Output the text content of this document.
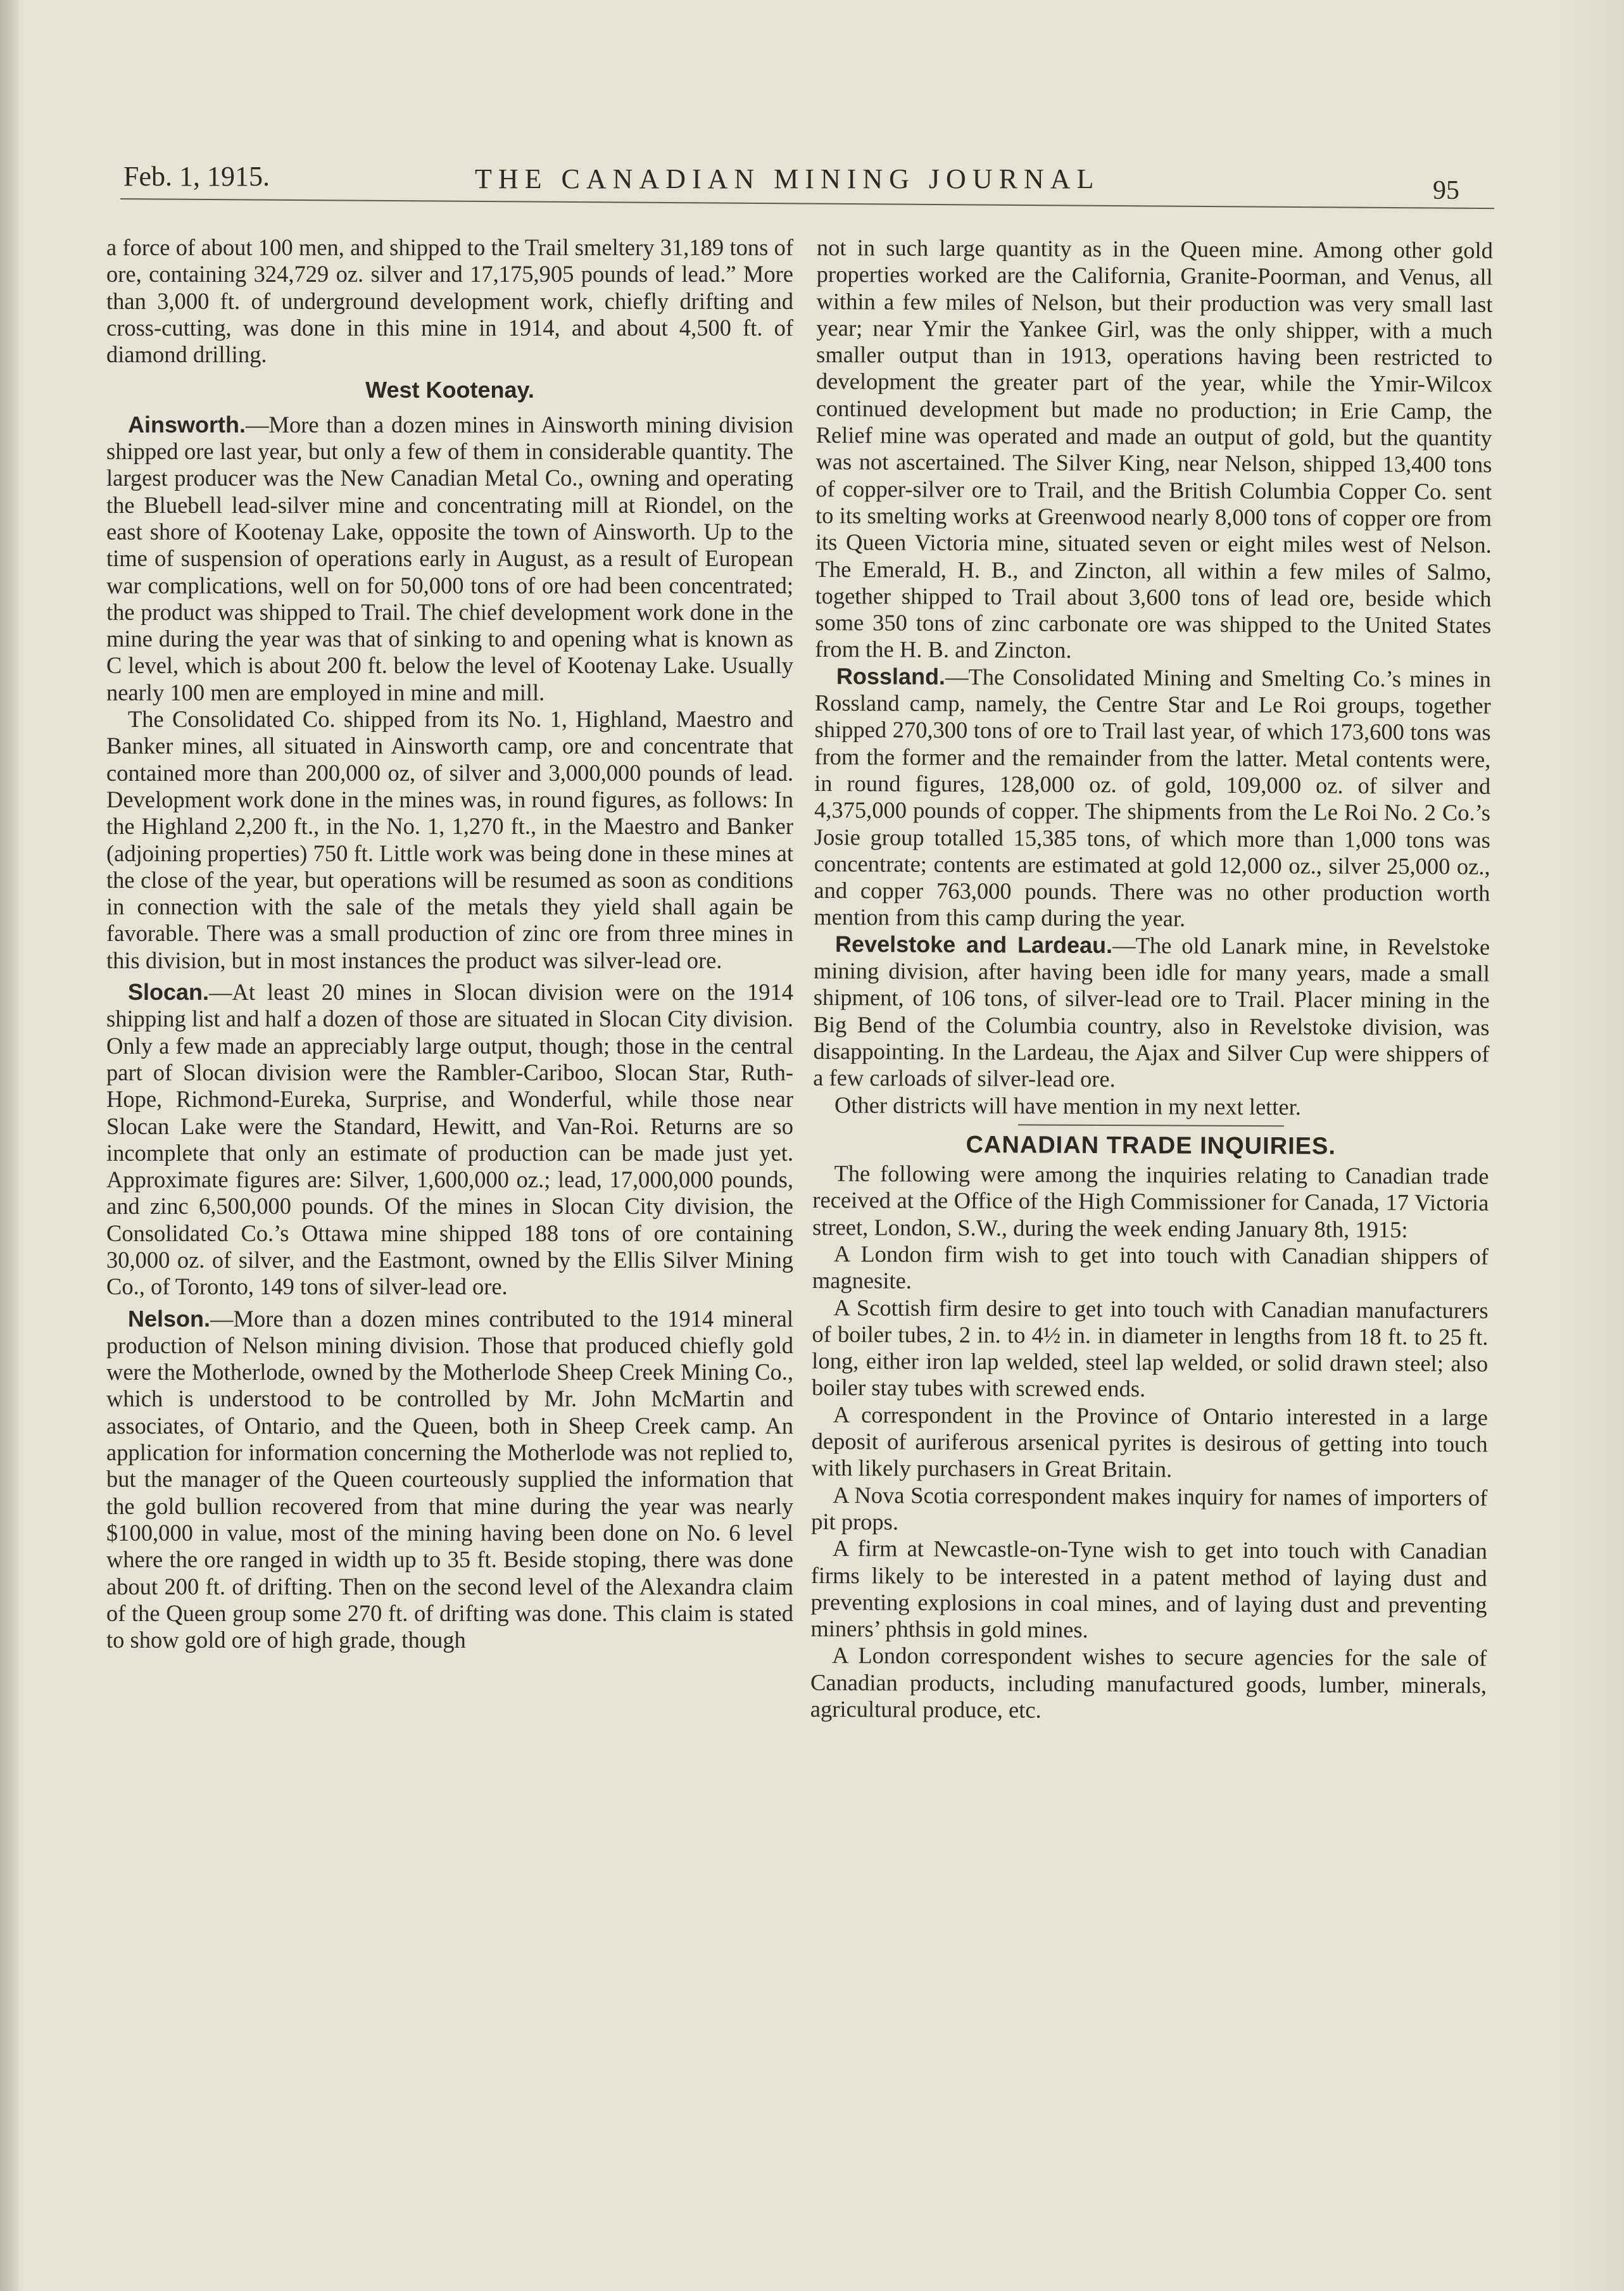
Feb. 1, 1915.	THE CANADIAN MINING JOURNAL	95

a force of about 100 men, and shipped to the Trail smeltery 31,189 tons of ore, containing 324,729 oz. silver and 17,175,905 pounds of lead.” More than 3,000 ft. of underground development work, chiefly drifting and cross-cutting, was done in this mine in 1914, and about 4,500 ft. of diamond drilling.

West Kootenay.

Ainsworth.—More than a dozen mines in Ainsworth mining division shipped ore last year, but only a few of them in considerable quantity. The largest producer was the New Canadian Metal Co., owning and operating the Bluebell lead-silver mine and concentrating mill at Riondel, on the east shore of Kootenay Lake, opposite the town of Ainsworth. Up to the time of suspension of operations early in August, as a result of European war complications, well on for 50,000 tons of ore had been concentrated; the product was shipped to Trail. The chief development work done in the mine during the year was that of sinking to and opening what is known as C level, which is about 200 ft. below the level of Kootenay Lake. Usually nearly 100 men are employed in mine and mill.

The Consolidated Co. shipped from its No. 1, Highland, Maestro and Banker mines, all situated in Ainsworth camp, ore and concentrate that contained more than 200,000 oz, of silver and 3,000,000 pounds of lead. Development work done in the mines was, in round figures, as follows: In the Highland 2,200 ft., in the No. 1, 1,270 ft., in the Maestro and Banker (adjoining properties) 750 ft. Little work was being done in these mines at the close of the year, but operations will be resumed as soon as conditions in connection with the sale of the metals they yield shall again be favorable. There was a small production of zinc ore from three mines in this division, but in most instances the product was silver-lead ore.

Slocan.—At least 20 mines in Slocan division were on the 1914 shipping list and half a dozen of those are situated in Slocan City division. Only a few made an appreciably large output, though; those in the central part of Slocan division were the Rambler-Cariboo, Slocan Star, Ruth-Hope, Richmond-Eureka, Surprise, and Wonderful, while those near Slocan Lake were the Standard, Hewitt, and Van-Roi. Returns are so incomplete that only an estimate of production can be made just yet. Approximate figures are: Silver, 1,600,000 oz.; lead, 17,000,000 pounds, and zinc 6,500,000 pounds. Of the mines in Slocan City division, the Consolidated Co.’s Ottawa mine shipped 188 tons of ore containing 30,000 oz. of silver, and the Eastmont, owned by the Ellis Silver Mining Co., of Toronto, 149 tons of silver-lead ore.

Nelson.—More than a dozen mines contributed to the 1914 mineral production of Nelson mining division. Those that produced chiefly gold were the Motherlode, owned by the Motherlode Sheep Creek Mining Co., which is understood to be controlled by Mr. John McMartin and associates, of Ontario, and the Queen, both in Sheep Creek camp. An application for information concerning the Motherlode was not replied to, but the manager of the Queen courteously supplied the information that the gold bullion recovered from that mine during the year was nearly $100,000 in value, most of the mining having been done on No. 6 level where the ore ranged in width up to 35 ft. Beside stoping, there was done about 200 ft. of drifting. Then on the second level of the Alexandra claim of the Queen group some 270 ft. of drifting was done. This claim is stated to show gold ore of high grade, though

not in such large quantity as in the Queen mine. Among other gold properties worked are the California, Granite-Poorman, and Venus, all within a few miles of Nelson, but their production was very small last year; near Ymir the Yankee Girl, was the only shipper, with a much smaller output than in 1913, operations having been restricted to development the greater part of the year, while the Ymir-Wilcox continued development but made no production; in Erie Camp, the Relief mine was operated and made an output of gold, but the quantity was not ascertained. The Silver King, near Nelson, shipped 13,400 tons of copper-silver ore to Trail, and the British Columbia Copper Co. sent to its smelting works at Greenwood nearly 8,000 tons of copper ore from its Queen Victoria mine, situated seven or eight miles west of Nelson. The Emerald, H. B., and Zincton, all within a few miles of Salmo, together shipped to Trail about 3,600 tons of lead ore, beside which some 350 tons of zinc carbonate ore was shipped to the United States from the H. B. and Zincton.

Rossland.—The Consolidated Mining and Smelting Co.’s mines in Rossland camp, namely, the Centre Star and Le Roi groups, together shipped 270,300 tons of ore to Trail last year, of which 173,600 tons was from the former and the remainder from the latter. Metal contents were, in round figures, 128,000 oz. of gold, 109,000 oz. of silver and 4,375,000 pounds of copper. The shipments from the Le Roi No. 2 Co.’s Josie group totalled 15,385 tons, of which more than 1,000 tons was concentrate; contents are estimated at gold 12,000 oz., silver 25,000 oz., and copper 763,000 pounds. There was no other production worth mention from this camp during the year.

Revelstoke and Lardeau.—The old Lanark mine, in Revelstoke mining division, after having been idle for many years, made a small shipment, of 106 tons, of silver-lead ore to Trail. Placer mining in the Big Bend of the Columbia country, also in Revelstoke division, was disappointing. In the Lardeau, the Ajax and Silver Cup were shippers of a few carloads of silver-lead ore.

Other districts will have mention in my next letter.

CANADIAN TRADE INQUIRIES.

The following were among the inquiries relating to Canadian trade received at the Office of the High Commissioner for Canada, 17 Victoria street, London, S.W., during the week ending January 8th, 1915:

A London firm wish to get into touch with Canadian shippers of magnesite.

A Scottish firm desire to get into touch with Canadian manufacturers of boiler tubes, 2 in. to 4½ in. in diameter in lengths from 18 ft. to 25 ft. long, either iron lap welded, steel lap welded, or solid drawn steel; also boiler stay tubes with screwed ends.

A correspondent in the Province of Ontario interested in a large deposit of auriferous arsenical pyrites is desirous of getting into touch with likely purchasers in Great Britain.

A Nova Scotia correspondent makes inquiry for names of importers of pit props.

A firm at Newcastle-on-Tyne wish to get into touch with Canadian firms likely to be interested in a patent method of laying dust and preventing explosions in coal mines, and of laying dust and preventing miners’ phthsis in gold mines.

A London correspondent wishes to secure agencies for the sale of Canadian products, including manufactured goods, lumber, minerals, agricultural produce, etc.
